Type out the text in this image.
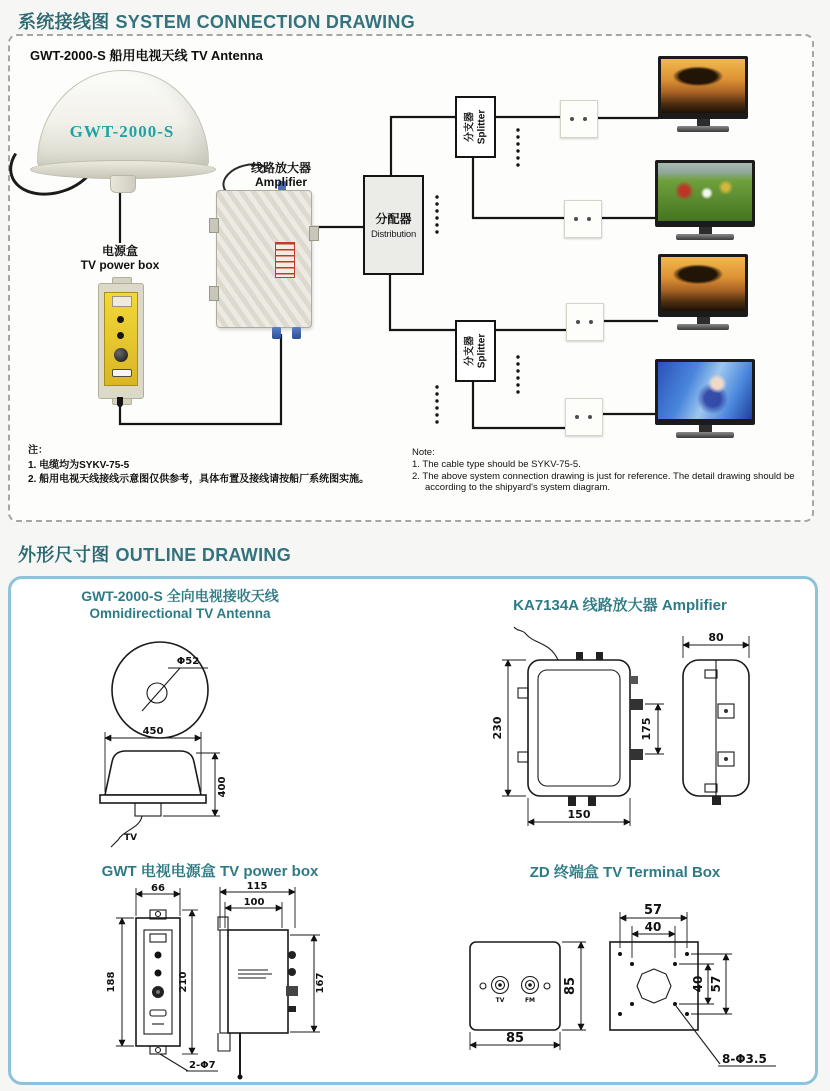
系统接线图 SYSTEM CONNECTION DRAWING
GWT-2000-S 船用电视天线 TV Antenna
GWT-2000-S
电源盒
TV power box
线路放大器
Amplifier
分配器
Distribution
分支器 Splitter
分支器 Splitter
注：
1. 电缆均为SYKV-75-5
2. 船用电视天线接线示意图仅供参考，具体布置及接线请按船厂系统图实施。
Note:
1. The cable type should be SYKV-75-5.
2. The above system connection drawing is just for reference. The detail drawing should be
according to the shipyard's system diagram.
外形尺寸图 OUTLINE DRAWING
GWT-2000-S 全向电视接收天线
Omnidirectional TV Antenna	KA7134A 线路放大器 Amplifier
GWT 电视电源盒 TV power box	ZD 终端盒 TV Terminal Box
Φ52
TV
450
400
230	175
150
80
66
188	210
2-Φ7
115
100
167
TV	FM
85
85
57
40
40 57
8-Φ3.5
